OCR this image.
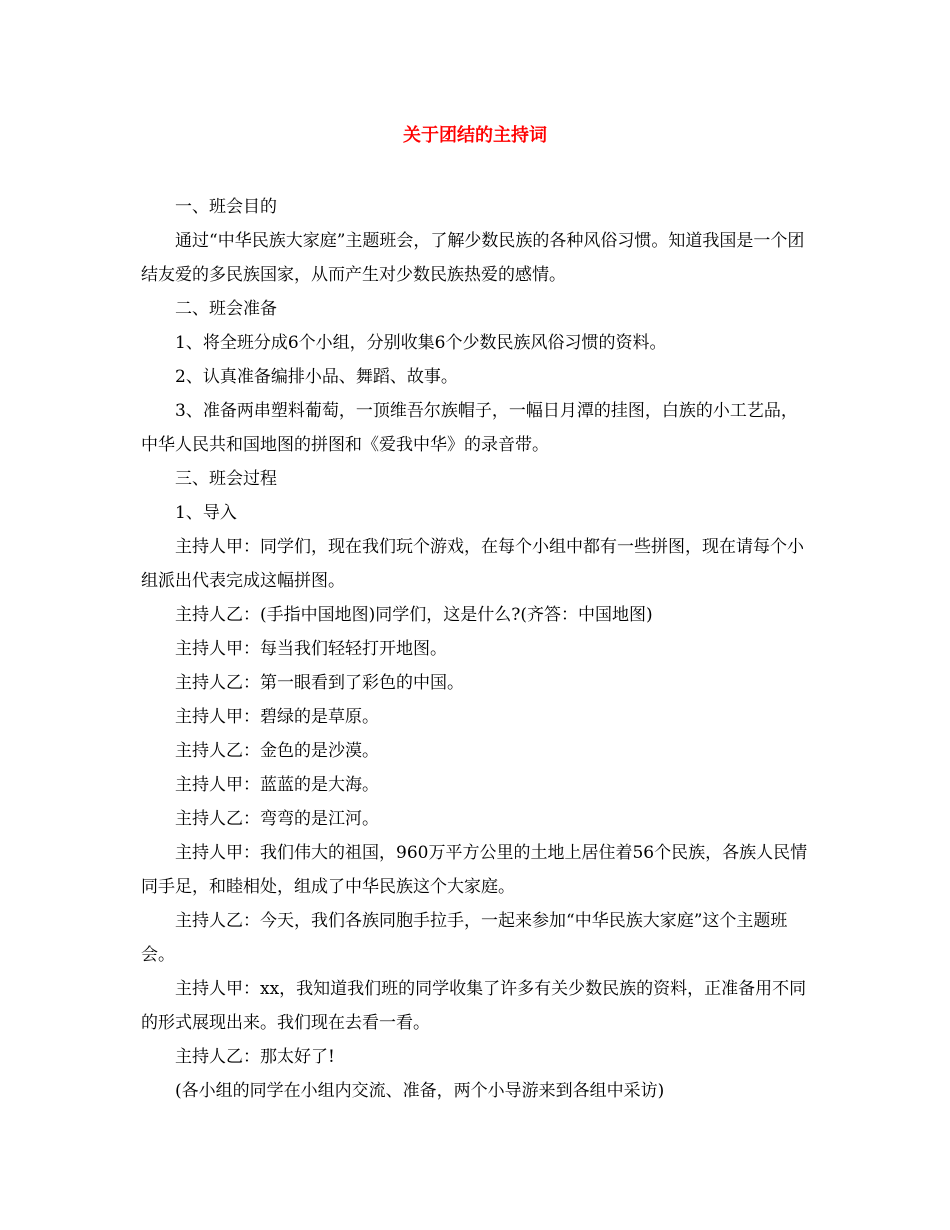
关于团结的主持词

一、班会目的

通过“中华民族大家庭”主题班会，了解少数民族的各种风俗习惯。知道我国是一个团结友爱的多民族国家，从而产生对少数民族热爱的感情。

二、班会准备

1、将全班分成6个小组，分别收集6个少数民族风俗习惯的资料。

2、认真准备编排小品、舞蹈、故事。

3、准备两串塑料葡萄，一顶维吾尔族帽子，一幅日月潭的挂图，白族的小工艺品，中华人民共和国地图的拼图和《爱我中华》的录音带。

三、班会过程

1、导入

主持人甲：同学们，现在我们玩个游戏，在每个小组中都有一些拼图，现在请每个小组派出代表完成这幅拼图。

主持人乙：(手指中国地图)同学们，这是什么?(齐答：中国地图)

主持人甲：每当我们轻轻打开地图。

主持人乙：第一眼看到了彩色的中国。

主持人甲：碧绿的是草原。

主持人乙：金色的是沙漠。

主持人甲：蓝蓝的是大海。

主持人乙：弯弯的是江河。

主持人甲：我们伟大的祖国，960万平方公里的土地上居住着56个民族，各族人民情同手足，和睦相处，组成了中华民族这个大家庭。

主持人乙：今天，我们各族同胞手拉手，一起来参加“中华民族大家庭”这个主题班会。

主持人甲：xx，我知道我们班的同学收集了许多有关少数民族的资料，正准备用不同的形式展现出来。我们现在去看一看。

主持人乙：那太好了!

(各小组的同学在小组内交流、准备，两个小导游来到各组中采访)
